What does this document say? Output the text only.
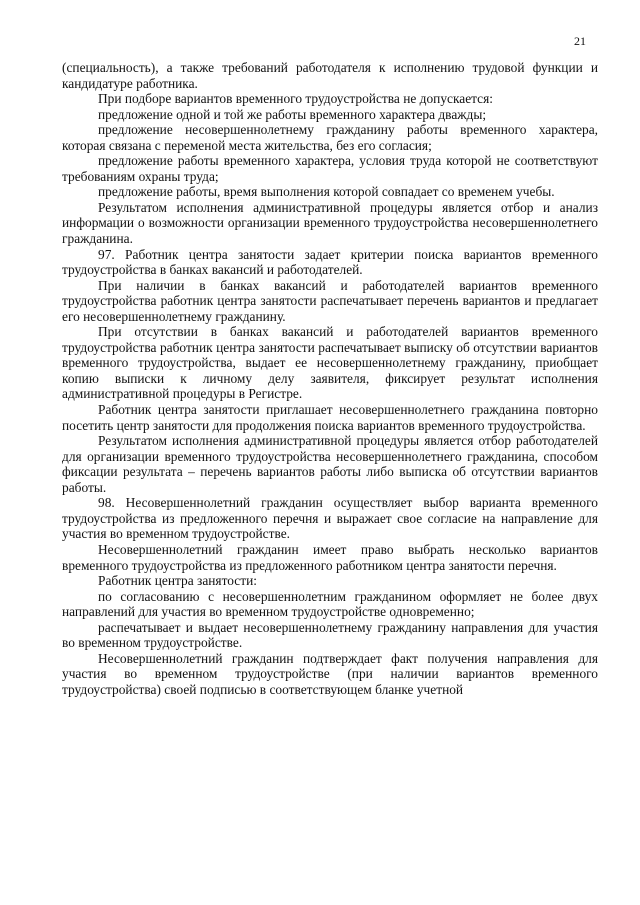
21

(специальность), а также требований работодателя к исполнению трудовой функции и кандидатуре работника.

При подборе вариантов временного трудоустройства не допускается:

предложение одной и той же работы временного характера дважды;

предложение несовершеннолетнему гражданину работы временного характера, которая связана с переменой места жительства, без его согласия;

предложение работы временного характера, условия труда которой не соответствуют требованиям охраны труда;

предложение работы, время выполнения которой совпадает со временем учебы.

Результатом исполнения административной процедуры является отбор и анализ информации о возможности организации временного трудоустройства несовершеннолетнего гражданина.

97. Работник центра занятости задает критерии поиска вариантов временного трудоустройства в банках вакансий и работодателей.

При наличии в банках вакансий и работодателей вариантов временного трудоустройства работник центра занятости распечатывает перечень вариантов и предлагает его несовершеннолетнему гражданину.

При отсутствии в банках вакансий и работодателей вариантов временного трудоустройства работник центра занятости распечатывает выписку об отсутствии вариантов временного трудоустройства, выдает ее несовершеннолетнему гражданину, приобщает копию выписки к личному делу заявителя, фиксирует результат исполнения административной процедуры в Регистре.

Работник центра занятости приглашает несовершеннолетнего гражданина повторно посетить центр занятости для продолжения поиска вариантов временного трудоустройства.

Результатом исполнения административной процедуры является отбор работодателей для организации временного трудоустройства несовершеннолетнего гражданина, способом фиксации результата – перечень вариантов работы либо выписка об отсутствии вариантов работы.

98. Несовершеннолетний гражданин осуществляет выбор варианта временного трудоустройства из предложенного перечня и выражает свое согласие на направление для участия во временном трудоустройстве.

Несовершеннолетний гражданин имеет право выбрать несколько вариантов временного трудоустройства из предложенного работником центра занятости перечня.

Работник центра занятости:

по согласованию с несовершеннолетним гражданином оформляет не более двух направлений для участия во временном трудоустройстве одновременно;

распечатывает и выдает несовершеннолетнему гражданину направления для участия во временном трудоустройстве.

Несовершеннолетний гражданин подтверждает факт получения направления для участия во временном трудоустройстве (при наличии вариантов временного трудоустройства) своей подписью в соответствующем бланке учетной
